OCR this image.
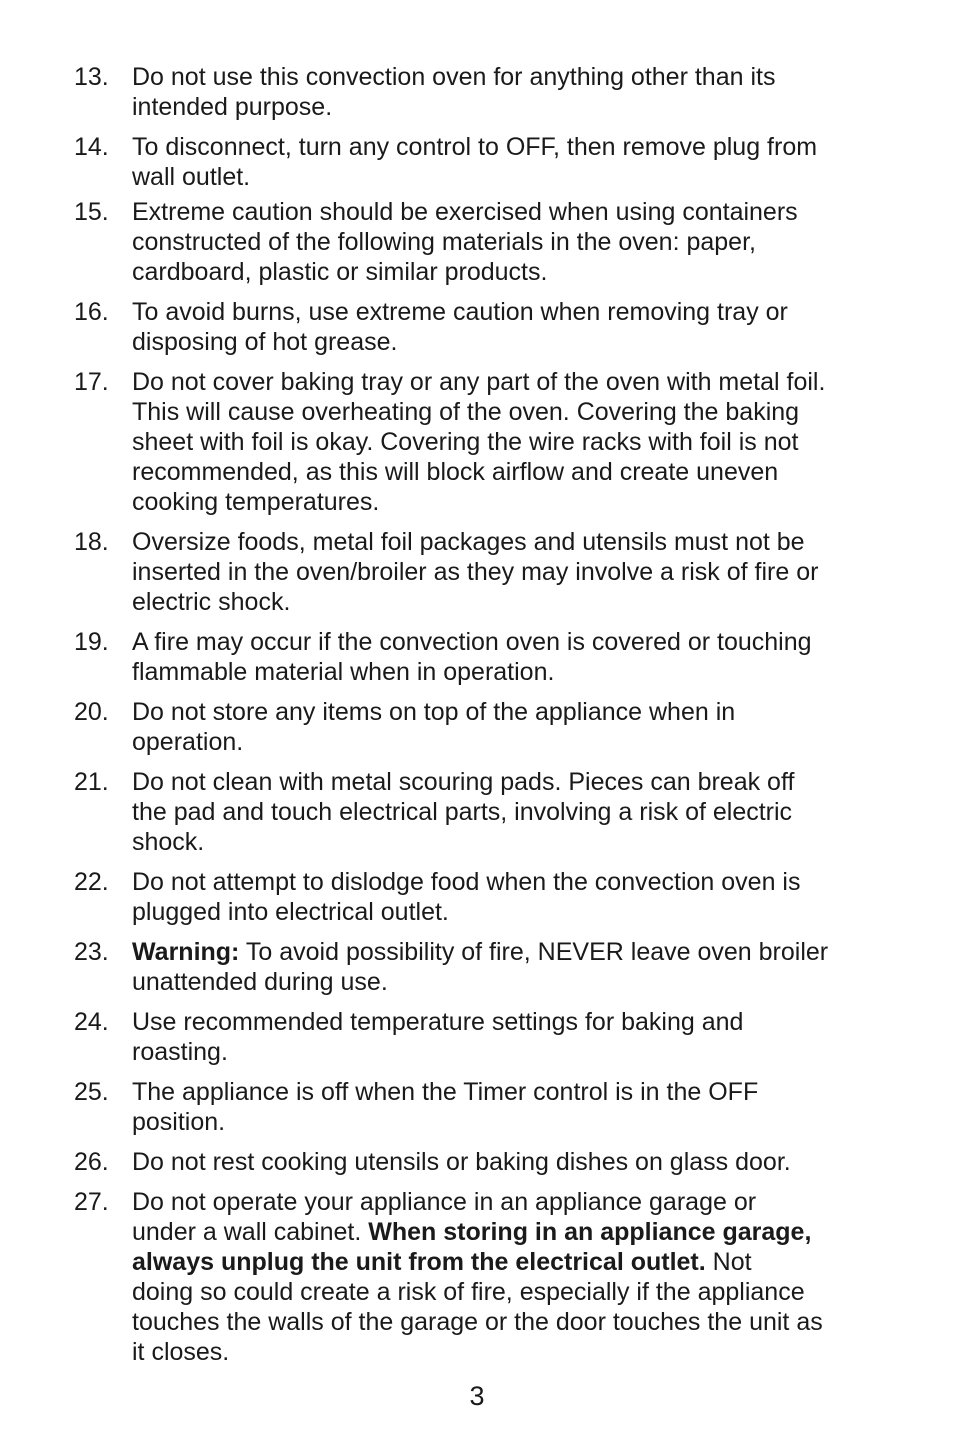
13. Do not use this convection oven for anything other than its
intended purpose.
14. To disconnect, turn any control to OFF, then remove plug from
wall outlet.
15. Extreme caution should be exercised when using containers
constructed of the following materials in the oven: paper,
cardboard, plastic or similar products.
16. To avoid burns, use extreme caution when removing tray or
disposing of hot grease.
17. Do not cover baking tray or any part of the oven with metal foil.
This will cause overheating of the oven. Covering the baking
sheet with foil is okay. Covering the wire racks with foil is not
recommended, as this will block airflow and create uneven
cooking temperatures.
18. Oversize foods, metal foil packages and utensils must not be
inserted in the oven/broiler as they may involve a risk of fire or
electric shock.
19. A fire may occur if the convection oven is covered or touching
flammable material when in operation.
20. Do not store any items on top of the appliance when in
operation.
21. Do not clean with metal scouring pads. Pieces can break off
the pad and touch electrical parts, involving a risk of electric
shock.
22. Do not attempt to dislodge food when the convection oven is
plugged into electrical outlet.
23. Warning: To avoid possibility of fire, NEVER leave oven broiler
unattended during use.
24. Use recommended temperature settings for baking and
roasting.
25. The appliance is off when the Timer control is in the OFF
position.
26. Do not rest cooking utensils or baking dishes on glass door.
27. Do not operate your appliance in an appliance garage or
under a wall cabinet. When storing in an appliance garage,
always unplug the unit from the electrical outlet. Not
doing so could create a risk of fire, especially if the appliance
touches the walls of the garage or the door touches the unit as
it closes.
3
